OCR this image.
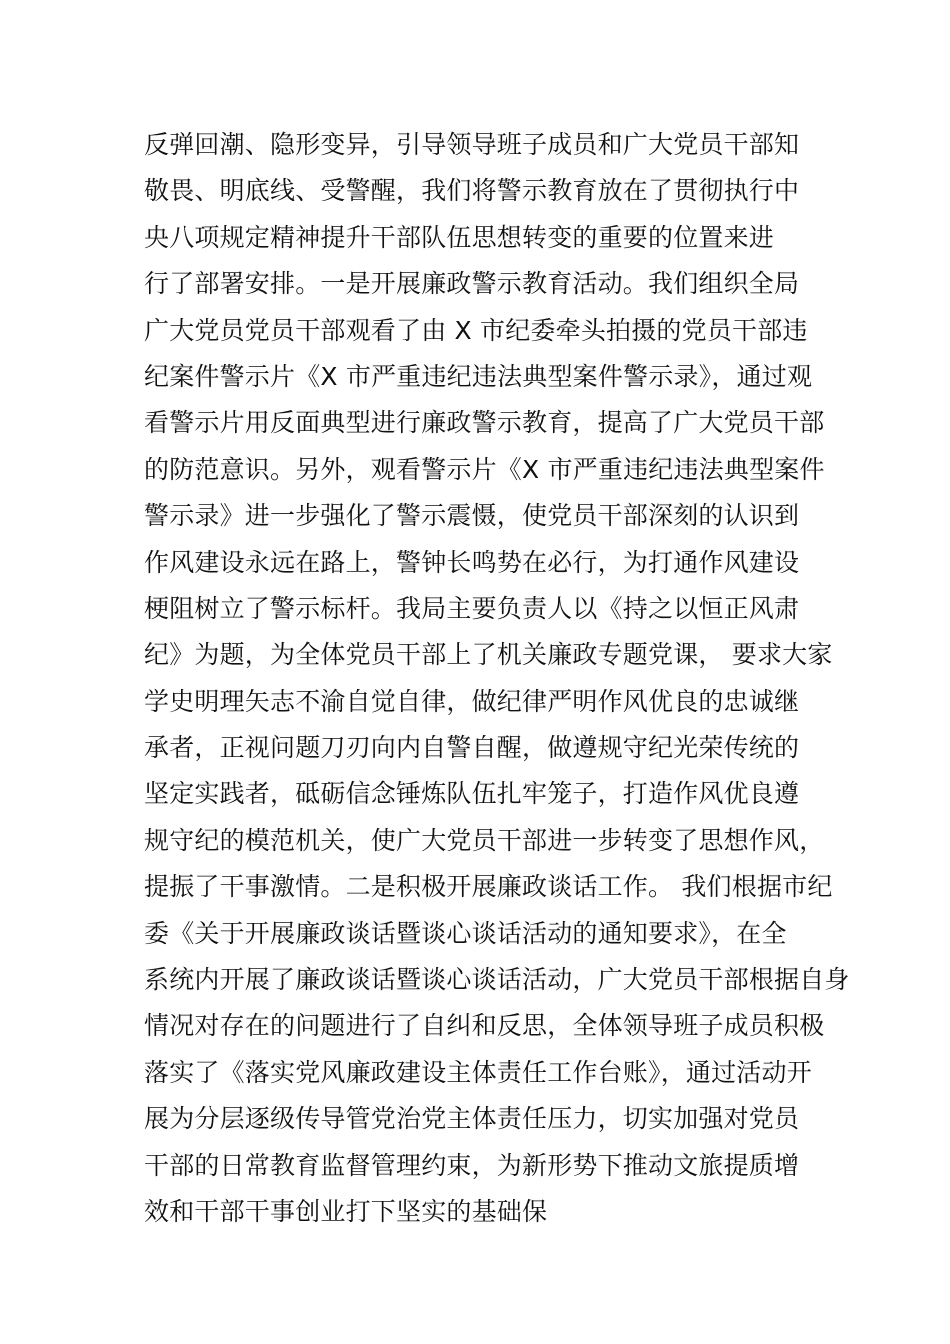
反弹回潮、隐形变异，引导领导班子成员和广大党员干部知
敬畏、明底线、受警醒，我们将警示教育放在了贯彻执行中
央八项规定精神提升干部队伍思想转变的重要的位置来进
行了部署安排。一是开展廉政警示教育活动。我们组织全局
广大党员党员干部观看了由 X 市纪委牵头拍摄的党员干部违
纪案件警示片《X 市严重违纪违法典型案件警示录》，通过观
看警示片用反面典型进行廉政警示教育，提高了广大党员干部
的防范意识。另外，观看警示片《X 市严重违纪违法典型案件
警示录》进一步强化了警示震慑，使党员干部深刻的认识到
作风建设永远在路上，警钟长鸣势在必行，为打通作风建设
梗阻树立了警示标杆。我局主要负责人以《持之以恒正风肃
纪》为题，为全体党员干部上了机关廉政专题党课， 要求大家
学史明理矢志不渝自觉自律，做纪律严明作风优良的忠诚继
承者，正视问题刀刃向内自警自醒，做遵规守纪光荣传统的
坚定实践者，砥砺信念锤炼队伍扎牢笼子，打造作风优良遵
规守纪的模范机关，使广大党员干部进一步转变了思想作风，
提振了干事激情。二是积极开展廉政谈话工作。 我们根据市纪
委《关于开展廉政谈话暨谈心谈话活动的通知要求》，在全
系统内开展了廉政谈话暨谈心谈话活动，广大党员干部根据自身
情况对存在的问题进行了自纠和反思，全体领导班子成员积极
落实了《落实党风廉政建设主体责任工作台账》，通过活动开
展为分层逐级传导管党治党主体责任压力，切实加强对党员
干部的日常教育监督管理约束，为新形势下推动文旅提质增
效和干部干事创业打下坚实的基础保
